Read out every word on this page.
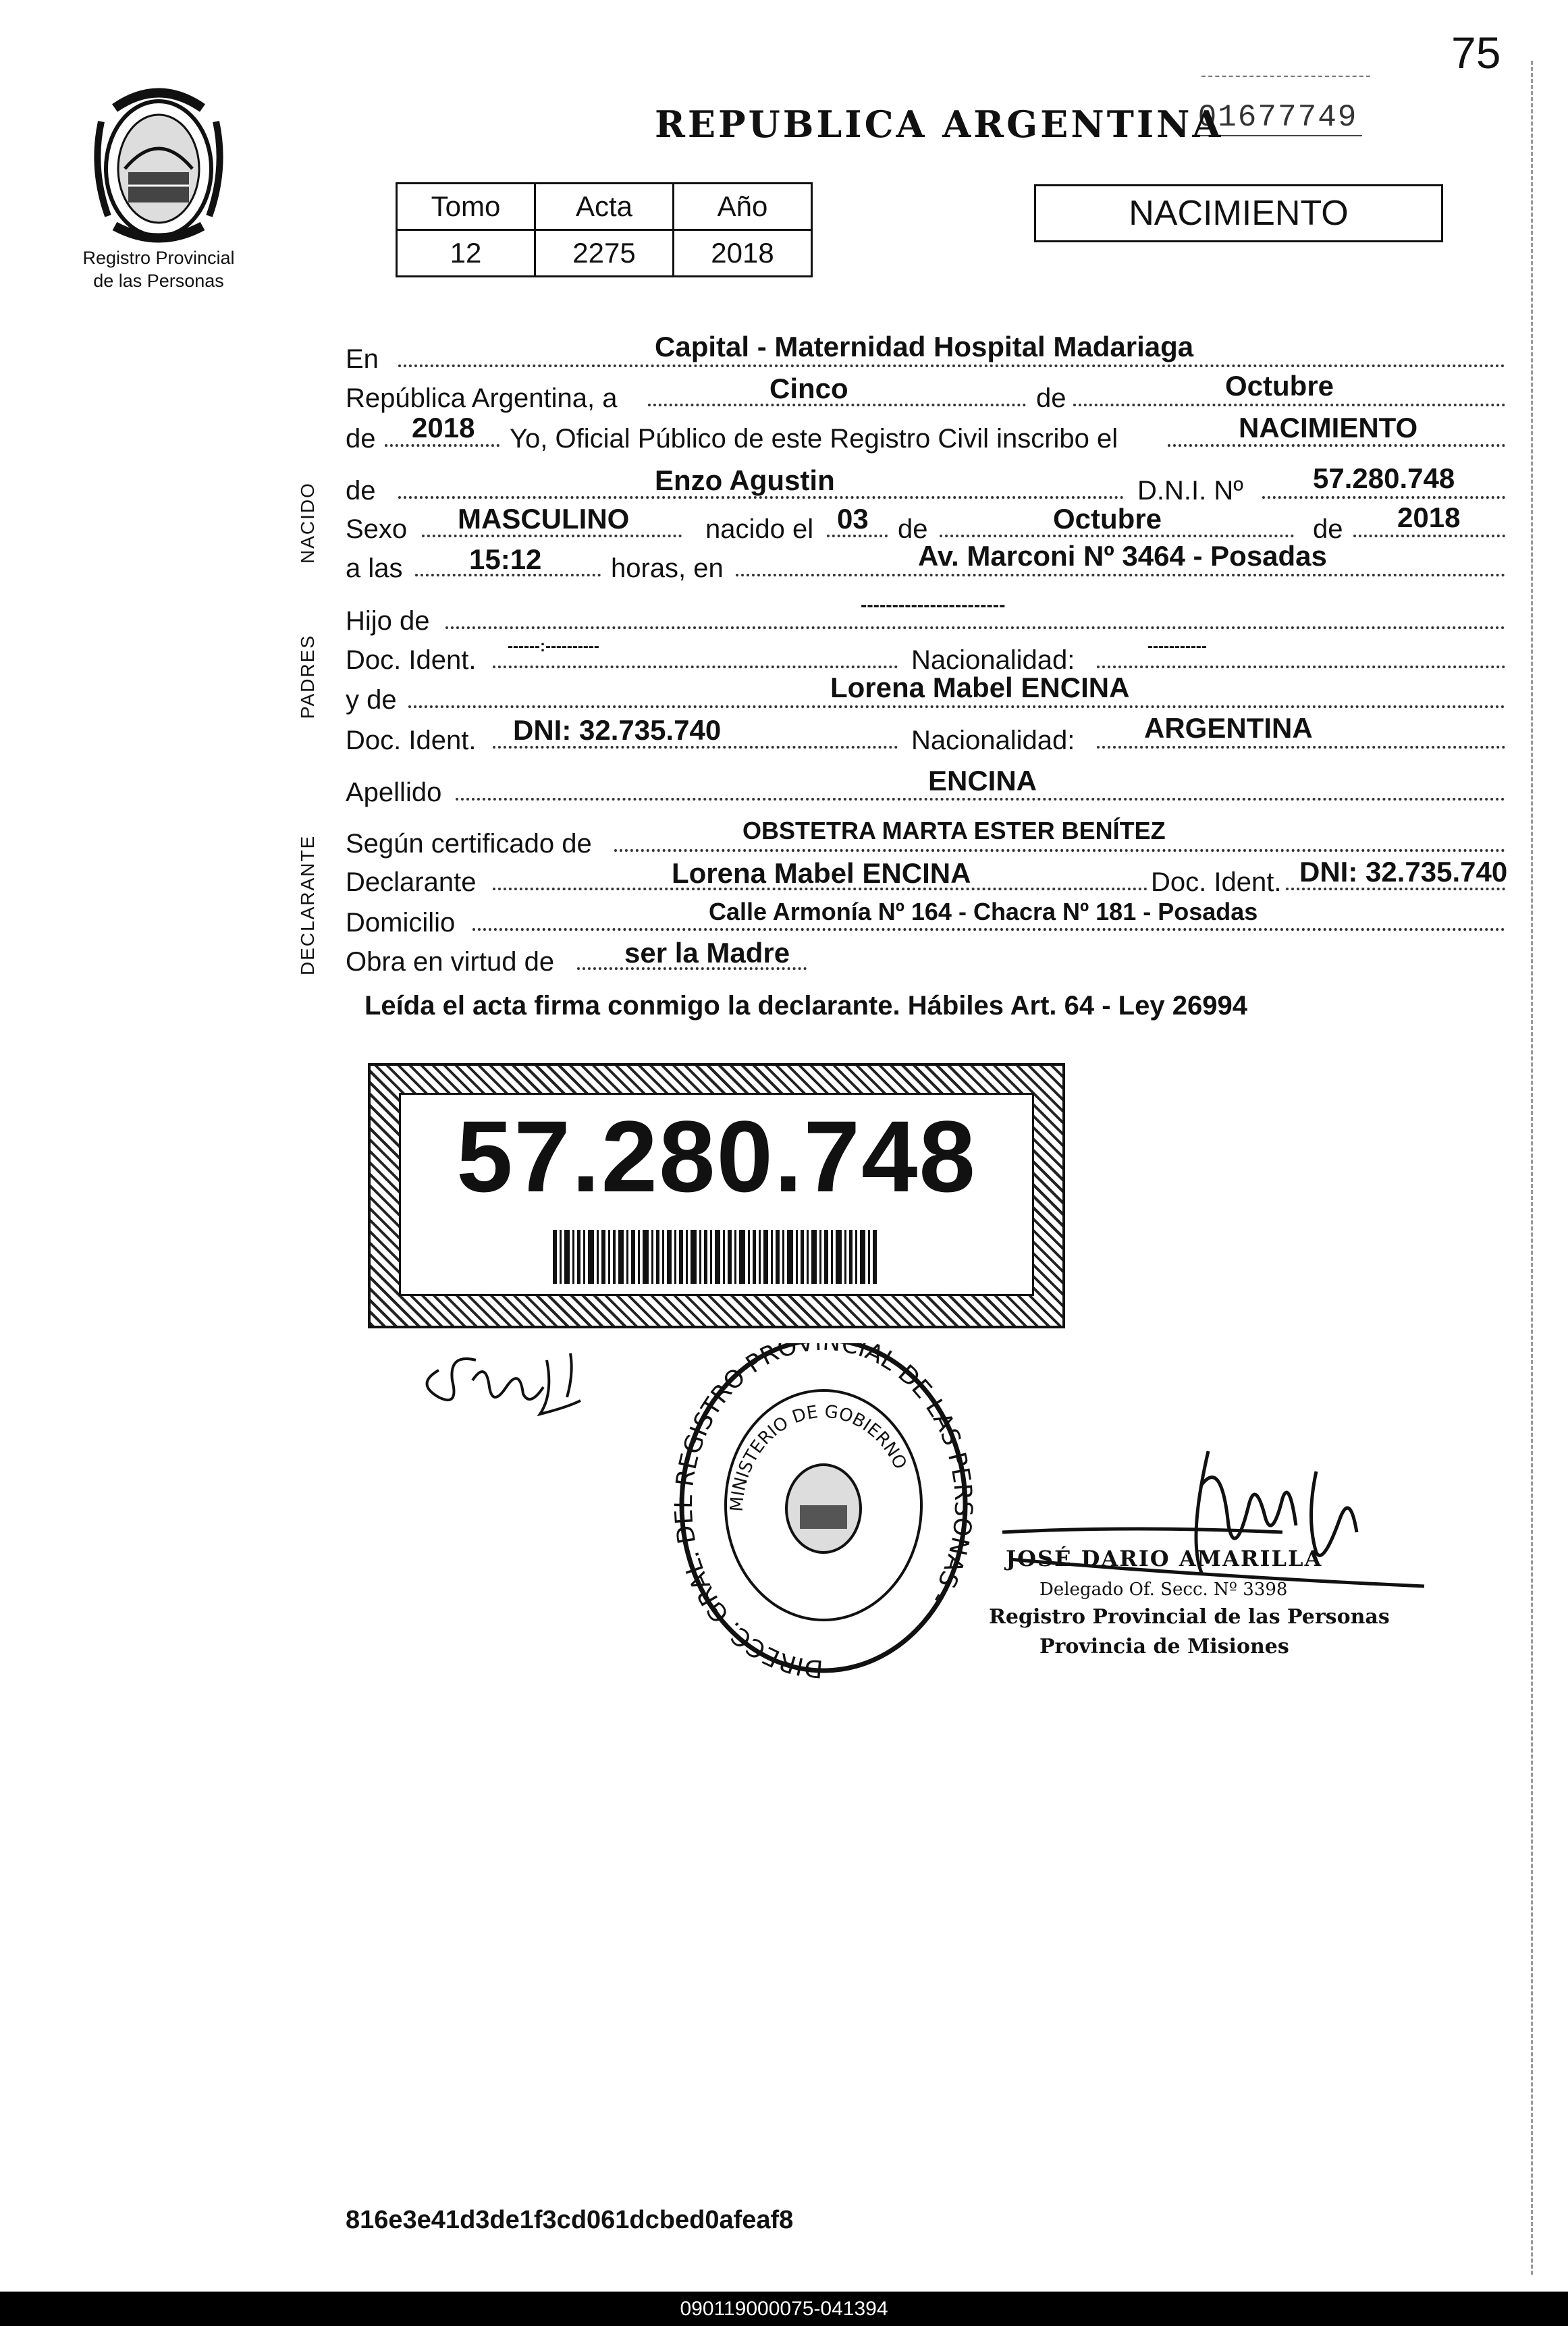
75
01677749
REPUBLICA ARGENTINA
Registro Provincial
de las Personas
Tomo	Acta	Año
12	2275	2018
NACIMIENTO
NACIDO
PADRES
DECLARANTE
En	Capital - Maternidad Hospital Madariaga
República Argentina, a	Cinco	de	Octubre
de 2018 Yo, Oficial Público de este Registro Civil inscribo el	NACIMIENTO
de	Enzo Agustin	D.N.I. Nº 57.280.748
Sexo MASCULINO	nacido el 03 de	Octubre	de 2018
a las 15:12	horas, en	Av. Marconi Nº 3464 - Posadas
Hijo de
-----------------------
Doc. Ident. ------:----------	Nacionalidad:	-----------
y de	Lorena Mabel ENCINA
Doc. Ident. DNI: 32.735.740	Nacionalidad: ARGENTINA
Apellido	ENCINA
Según certificado de	OBSTETRA MARTA ESTER BENÍTEZ
Declarante	Lorena Mabel ENCINA	Doc. Ident. DNI: 32.735.740
Domicilio	Calle Armonía Nº 164 - Chacra Nº 181 - Posadas
Obra en virtud de ser la Madre
Leída el acta firma conmigo la declarante. Hábiles Art. 64 - Ley 26994
57.280.748
DIRECC. GRAL. DEL REGISTRO PROV CIAL DE LAS PERSONAS -
MINISTERIO DE GOBIERNO
JOSÉ DARIO AMARILLA
Delegado Of. Secc. Nº 3398
Registro Provincial de las Personas
Provincia de Misiones
816e3e41d3de1f3cd061dcbed0afeaf8
090119000075-041394
